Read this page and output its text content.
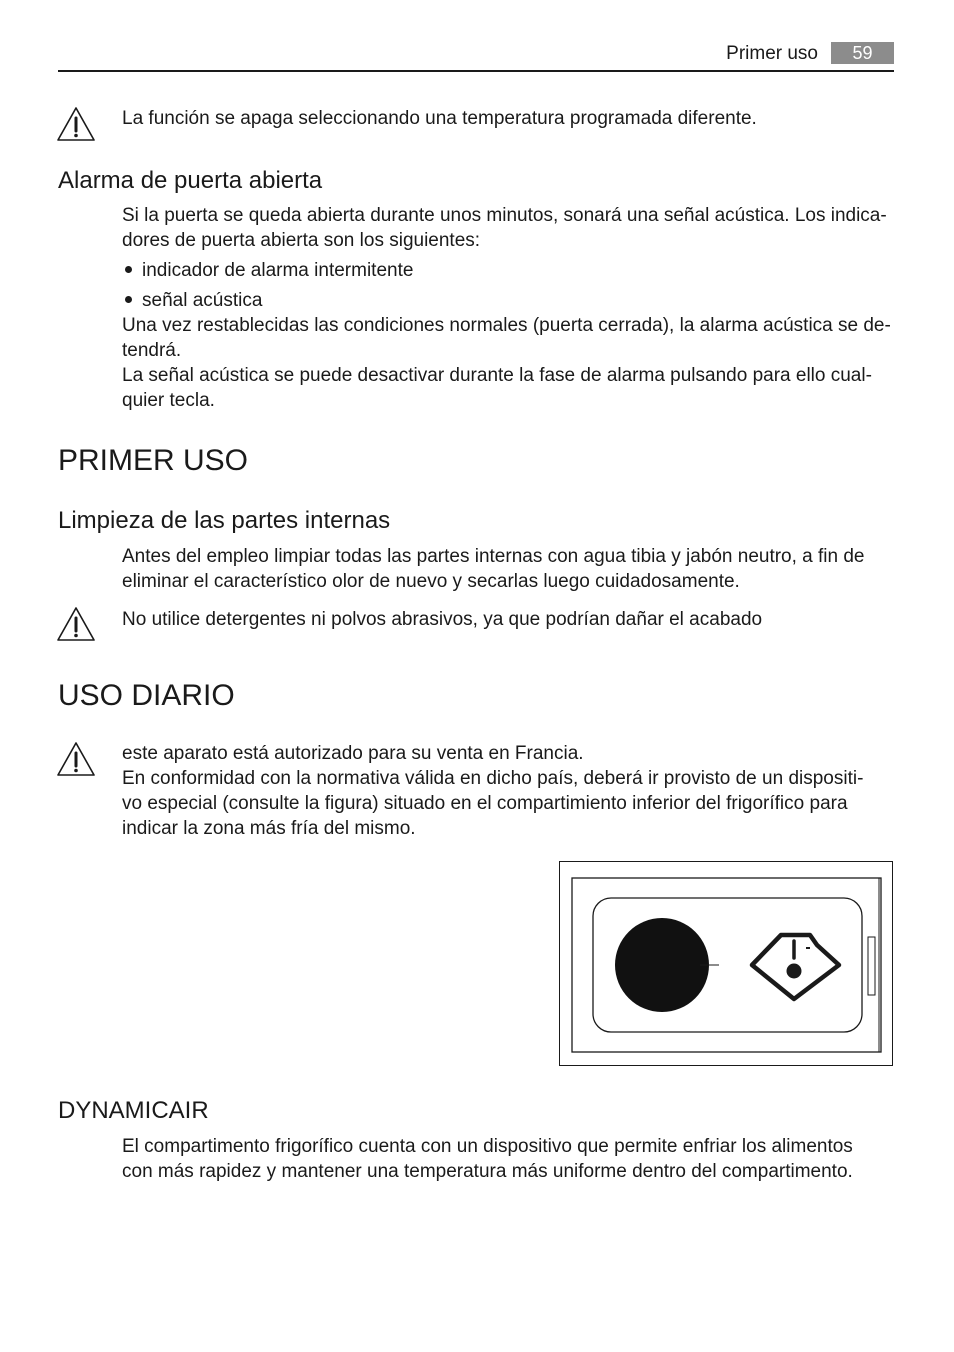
Primer uso	59

La función se apaga seleccionando una temperatura programada diferente.

Alarma de puerta abierta

Si la puerta se queda abierta durante unos minutos, sonará una señal acústica. Los indica-

dores de puerta abierta son los siguientes:

indicador de alarma intermitente
señal acústica

Una vez restablecidas las condiciones normales (puerta cerrada), la alarma acústica se de-

tendrá.

La señal acústica se puede desactivar durante la fase de alarma pulsando para ello cual-

quier tecla.

PRIMER USO
Limpieza de las partes internas

Antes del empleo limpiar todas las partes internas con agua tibia y jabón neutro, a fin de

eliminar el característico olor de nuevo y secarlas luego cuidadosamente.

No utilice detergentes ni polvos abrasivos, ya que podrían dañar el acabado

USO DIARIO

este aparato está autorizado para su venta en Francia.

En conformidad con la normativa válida en dicho país, deberá ir provisto de un dispositi-

vo especial (consulte la figura) situado en el compartimiento inferior del frigorífico para

indicar la zona más fría del mismo.

DYNAMICAIR

El compartimento frigorífico cuenta con un dispositivo que permite enfriar los alimentos

con más rapidez y mantener una temperatura más uniforme dentro del compartimento.
